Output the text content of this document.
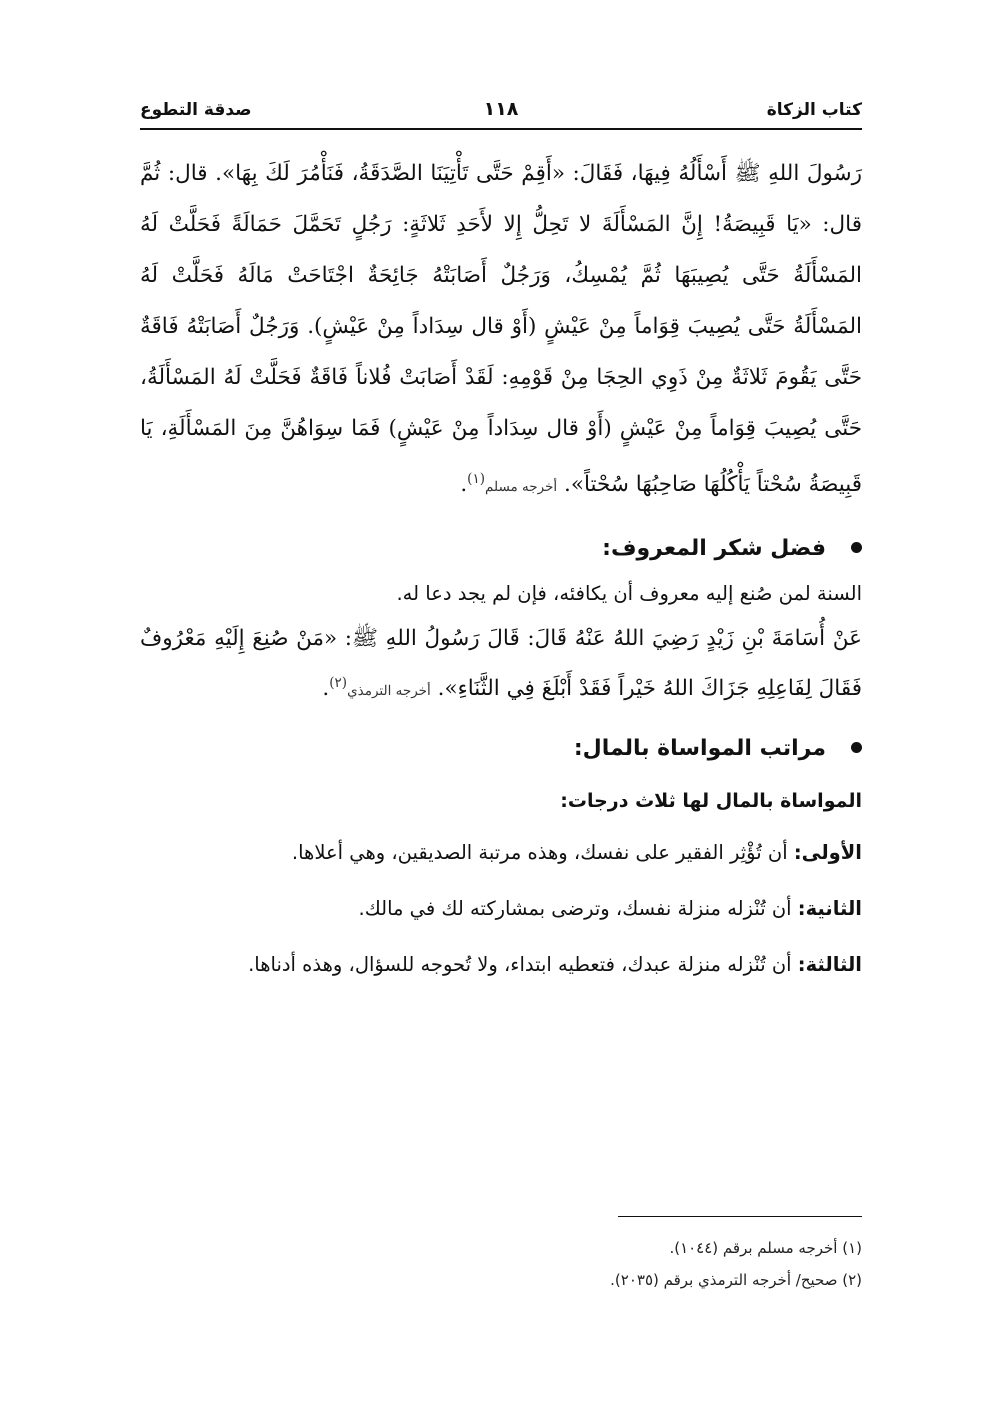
كتاب الزكاة
١١٨
صدقة التطوع

رَسُولَ اللهِ ﷺ أَسْأَلُهُ فِيهَا، فَقَالَ: «أَقِمْ حَتَّى تَأْتِيَنَا الصَّدَقَةُ، فَنَأْمُرَ لَكَ بِهَا». قال: ثُمَّ قال: «يَا قَبِيصَةُ! إِنَّ المَسْأَلَةَ لا تَحِلُّ إِلا لأَحَدِ ثَلاثَةٍ: رَجُلٍ تَحَمَّلَ حَمَالَةً فَحَلَّتْ لَهُ المَسْأَلَةُ حَتَّى يُصِيبَهَا ثُمَّ يُمْسِكُ، وَرَجُلٌ أَصَابَتْهُ جَائِحَةٌ اجْتَاحَتْ مَالَهُ فَحَلَّتْ لَهُ المَسْأَلَةُ حَتَّى يُصِيبَ قِوَاماً مِنْ عَيْشٍ (أَوْ قال سِدَاداً مِنْ عَيْشٍ). وَرَجُلٌ أَصَابَتْهُ فَاقَةٌ حَتَّى يَقُومَ ثَلاثَةٌ مِنْ ذَوِي الحِجَا مِنْ قَوْمِهِ: لَقَدْ أَصَابَتْ فُلاناً فَاقَةٌ فَحَلَّتْ لَهُ المَسْأَلَةُ، حَتَّى يُصِيبَ قِوَاماً مِنْ عَيْشٍ (أَوْ قال سِدَاداً مِنْ عَيْشٍ) فَمَا سِوَاهُنَّ مِنَ المَسْأَلَةِ، يَا قَبِيصَةُ سُحْتاً يَأْكُلُهَا صَاحِبُهَا سُحْتاً». أخرجه مسلم$^{(١)}$.

فضل شكر المعروف:

السنة لمن صُنع إليه معروف أن يكافئه، فإن لم يجد دعا له.

عَنْ أُسَامَةَ بْنِ زَيْدٍ رَضِيَ اللهُ عَنْهُ قَالَ: قَالَ رَسُولُ اللهِ ﷺ: «مَنْ صُنِعَ إِلَيْهِ مَعْرُوفٌ فَقَالَ لِفَاعِلِهِ جَزَاكَ اللهُ خَيْراً فَقَدْ أَبْلَغَ فِي الثَّنَاءِ». أخرجه الترمذي$^{(٢)}$.

مراتب المواساة بالمال:

المواساة بالمال لها ثلاث درجات:

الأولى: أن تُؤْثِر الفقير على نفسك، وهذه مرتبة الصديقين، وهي أعلاها.

الثانية: أن تُنْزله منزلة نفسك، وترضى بمشاركته لك في مالك.

الثالثة: أن تُنْزله منزلة عبدك، فتعطيه ابتداء، ولا تُحوجه للسؤال، وهذه أدناها.

(١) أخرجه مسلم برقم (١٠٤٤).

(٢) صحيح/ أخرجه الترمذي برقم (٢٠٣٥).
